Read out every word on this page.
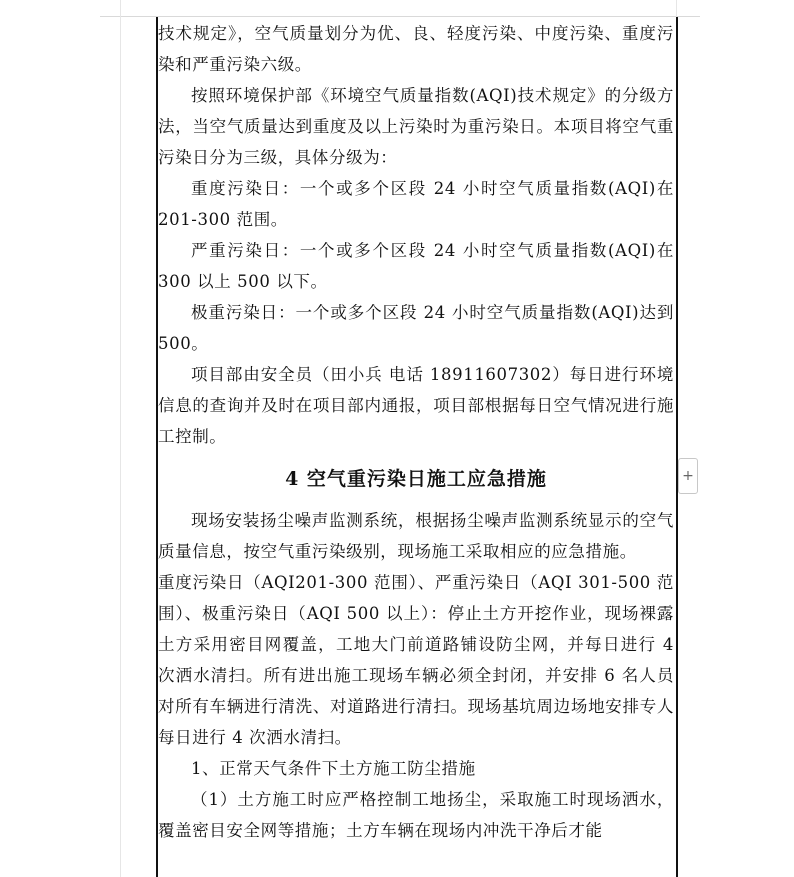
技术规定》，空气质量划分为优、良、轻度污染、中度污染、重度污染和严重污染六级。

按照环境保护部《环境空气质量指数(AQI)技术规定》的分级方法，当空气质量达到重度及以上污染时为重污染日。本项目将空气重污染日分为三级，具体分级为：

重度污染日：一个或多个区段 24 小时空气质量指数(AQI)在 201-300 范围。

严重污染日：一个或多个区段 24 小时空气质量指数(AQI)在 300 以上 500 以下。

极重污染日：一个或多个区段 24 小时空气质量指数(AQI)达到 500。

项目部由安全员（田小兵 电话 18911607302）每日进行环境信息的查询并及时在项目部内通报，项目部根据每日空气情况进行施工控制。

4 空气重污染日施工应急措施

现场安装扬尘噪声监测系统，根据扬尘噪声监测系统显示的空气质量信息，按空气重污染级别，现场施工采取相应的应急措施。

重度污染日（AQI201-300 范围）、严重污染日（AQI 301-500 范围）、极重污染日（AQI 500 以上）：停止土方开挖作业，现场裸露土方采用密目网覆盖，工地大门前道路铺设防尘网，并每日进行 4 次洒水清扫。所有进出施工现场车辆必须全封闭，并安排 6 名人员对所有车辆进行清洗、对道路进行清扫。现场基坑周边场地安排专人每日进行 4 次洒水清扫。

1、正常天气条件下土方施工防尘措施

（1）土方施工时应严格控制工地扬尘，采取施工时现场洒水，覆盖密目安全网等措施；土方车辆在现场内冲洗干净后才能

+
